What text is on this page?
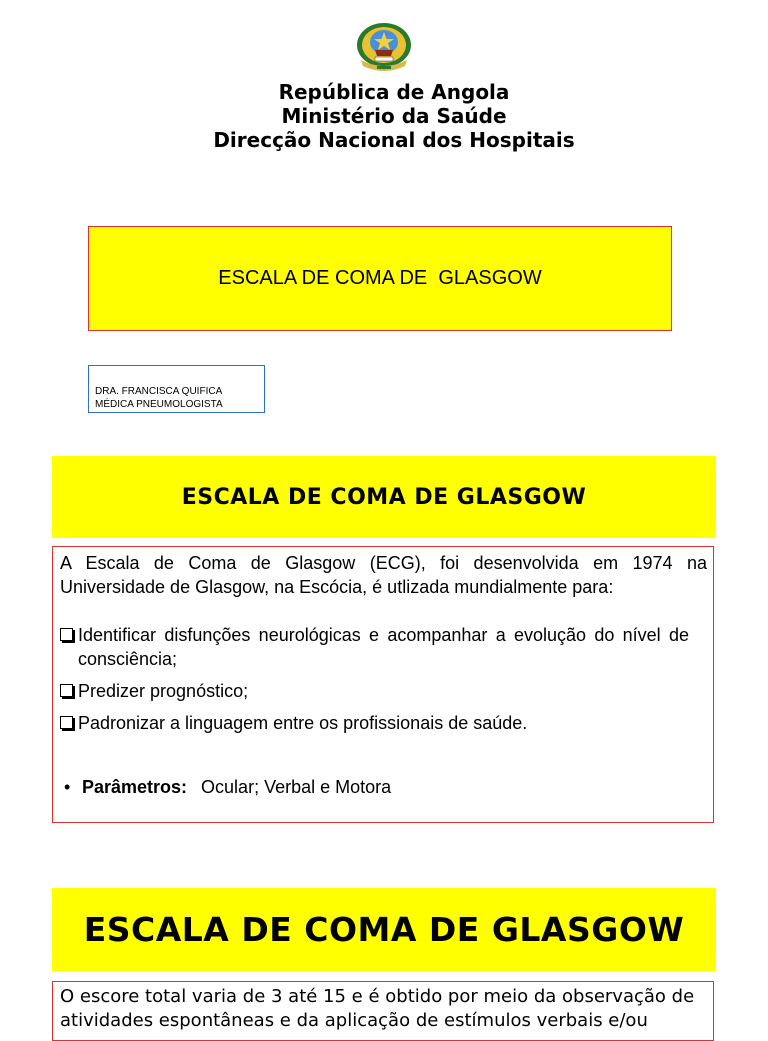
República de Angola
Ministério da Saúde
Direcção Nacional dos Hospitais
ESCALA DE COMA DE  GLASGOW
DRA. FRANCISCA QUIFICA
MÉDICA PNEUMOLOGISTA
ESCALA DE COMA DE GLASGOW
A Escala de Coma de Glasgow (ECG), foi desenvolvida em 1974 na Universidade de Glasgow, na Escócia, é utlizada mundialmente para:
Identificar disfunções neurológicas e acompanhar a evolução do nível de consciência;
Predizer prognóstico;
Padronizar a linguagem entre os profissionais de saúde.
• Parâmetros: Ocular; Verbal e Motora
ESCALA DE COMA DE GLASGOW
O escore total varia de 3 até 15 e é obtido por meio da observação de atividades espontâneas e da aplicação de estímulos verbais e/ou
